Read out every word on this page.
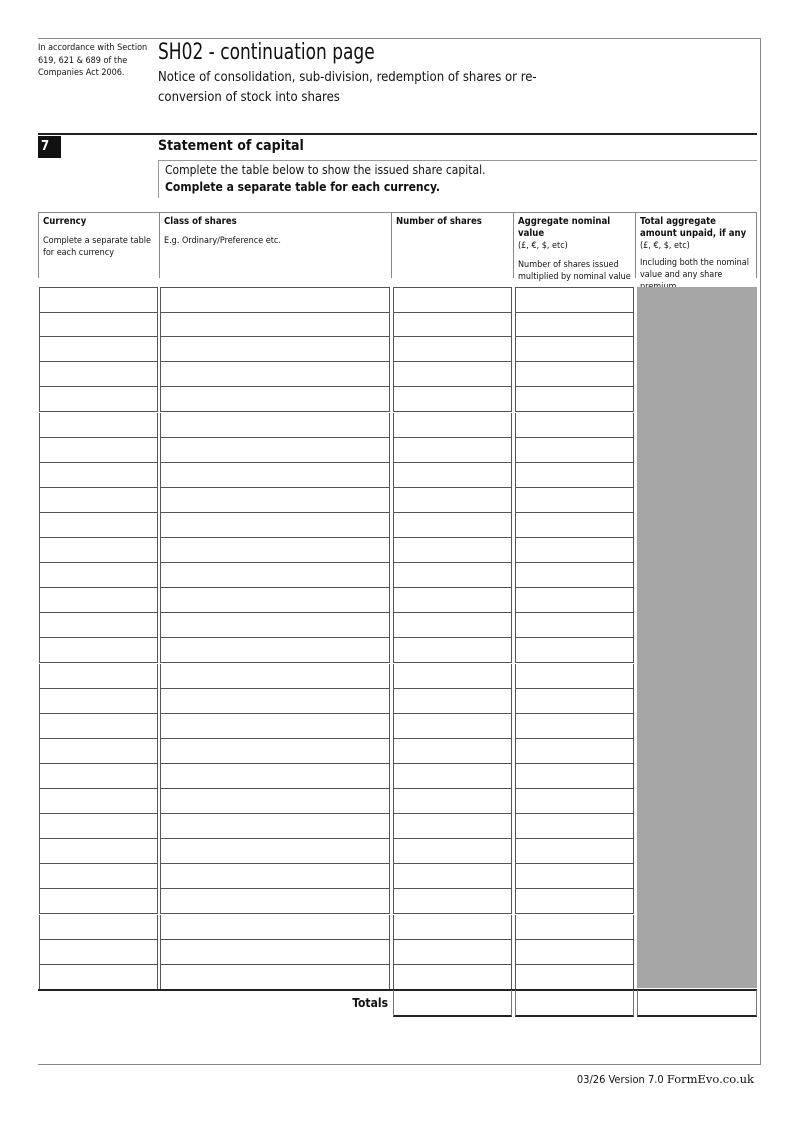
In accordance with Section 619, 621 & 689 of the Companies Act 2006.
SH02 - continuation page
Notice of consolidation, sub-division, redemption of shares or re-conversion of stock into shares
7	Statement of capital
Complete the table below to show the issued share capital.
Complete a separate table for each currency.
Currency
Complete a separate table for each currency
Class of shares
E.g. Ordinary/Preference etc.
Number of shares	Aggregate nominal value
(£, €, $, etc)
Number of shares issued multiplied by nominal value
Total aggregate amount unpaid, if any (£, €, $, etc)
Including both the nominal value and any share
Totals
03/26 Version 7.0 FormEvo.co.uk
